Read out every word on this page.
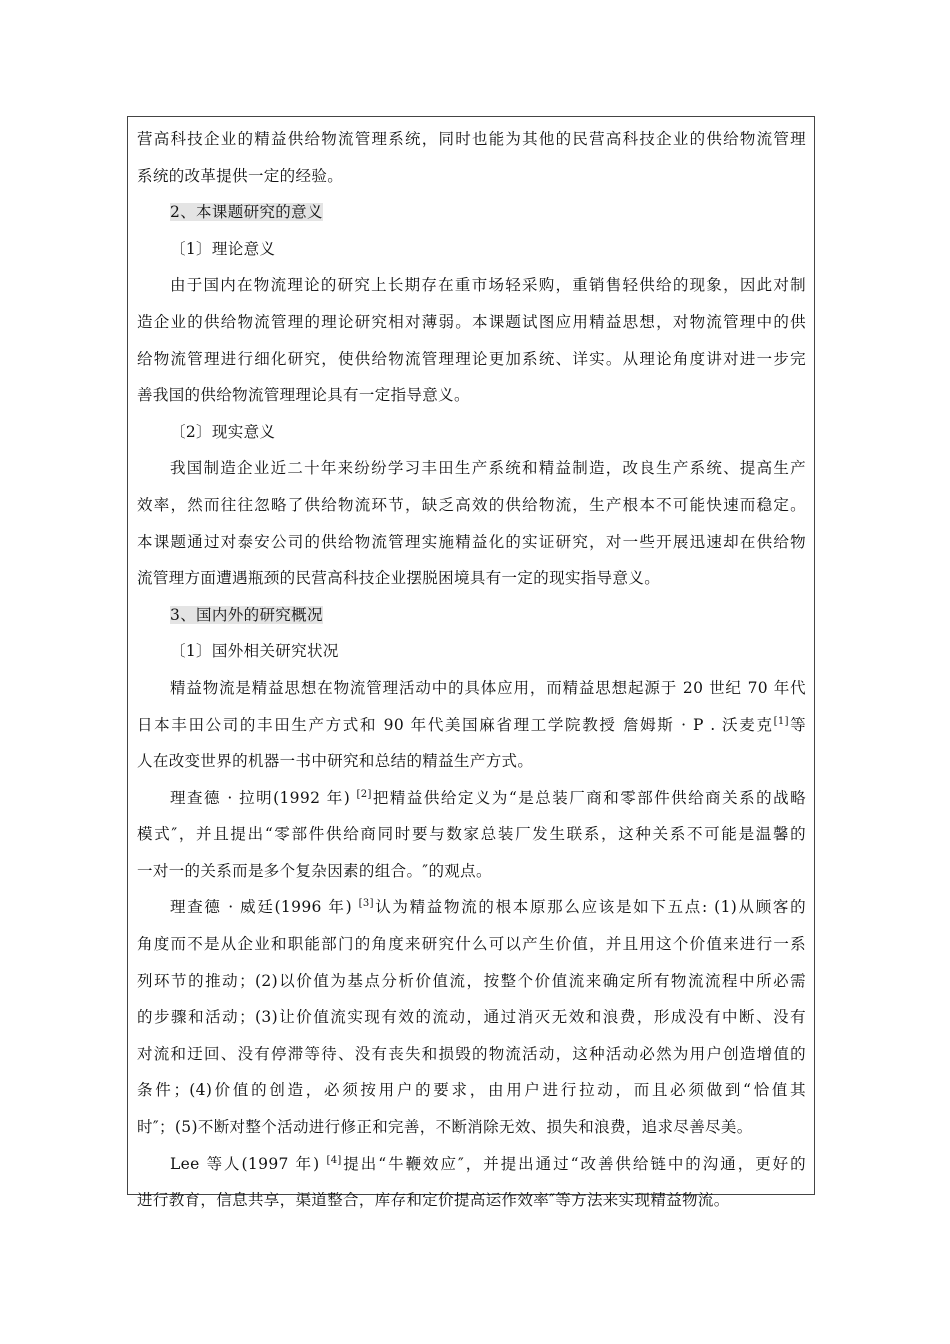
营高科技企业的精益供给物流管理系统，同时也能为其他的民营高科技企业的供给物流管理
系统的改革提供一定的经验。
2、本课题研究的意义
〔1〕理论意义
由于国内在物流理论的研究上长期存在重市场轻采购，重销售轻供给的现象，因此对制
造企业的供给物流管理的理论研究相对薄弱。本课题试图应用精益思想，对物流管理中的供
给物流管理进行细化研究，使供给物流管理理论更加系统、详实。从理论角度讲对进一步完
善我国的供给物流管理理论具有一定指导意义。
〔2〕现实意义
我国制造企业近二十年来纷纷学习丰田生产系统和精益制造，改良生产系统、提高生产
效率，然而往往忽略了供给物流环节，缺乏高效的供给物流，生产根本不可能快速而稳定。
本课题通过对泰安公司的供给物流管理实施精益化的实证研究，对一些开展迅速却在供给物
流管理方面遭遇瓶颈的民营高科技企业摆脱困境具有一定的现实指导意义。
3、国内外的研究概况
〔1〕国外相关研究状况
精益物流是精益思想在物流管理活动中的具体应用，而精益思想起源于 20 世纪 70 年代
日本丰田公司的丰田生产方式和 90 年代美国麻省理工学院教授 詹姆斯 · P . 沃麦克[1]等
人在改变世界的机器一书中研究和总结的精益生产方式。
理查德 · 拉明(1992 年) [2]把精益供给定义为“是总装厂商和零部件供给商关系的战略
模式″，并且提出“零部件供给商同时要与数家总装厂发生联系，这种关系不可能是温馨的
一对一的关系而是多个复杂因素的组合。″的观点。
理查德 · 威廷(1996 年) [3]认为精益物流的根本原那么应该是如下五点: (1)从顾客的
角度而不是从企业和职能部门的角度来研究什么可以产生价值，并且用这个价值来进行一系
列环节的推动；(2)以价值为基点分析价值流，按整个价值流来确定所有物流流程中所必需
的步骤和活动；(3)让价值流实现有效的流动，通过消灭无效和浪费，形成没有中断、没有
对流和迂回、没有停滞等待、没有丧失和损毁的物流活动，这种活动必然为用户创造增值的
条件；(4)价值的创造，必须按用户的要求，由用户进行拉动，而且必须做到“恰值其
时″；(5)不断对整个活动进行修正和完善，不断消除无效、损失和浪费，追求尽善尽美。
Lee 等人(1997 年) [4]提出“牛鞭效应″，并提出通过“改善供给链中的沟通，更好的
进行教育，信息共享，渠道整合，库存和定价提高运作效率″等方法来实现精益物流。
